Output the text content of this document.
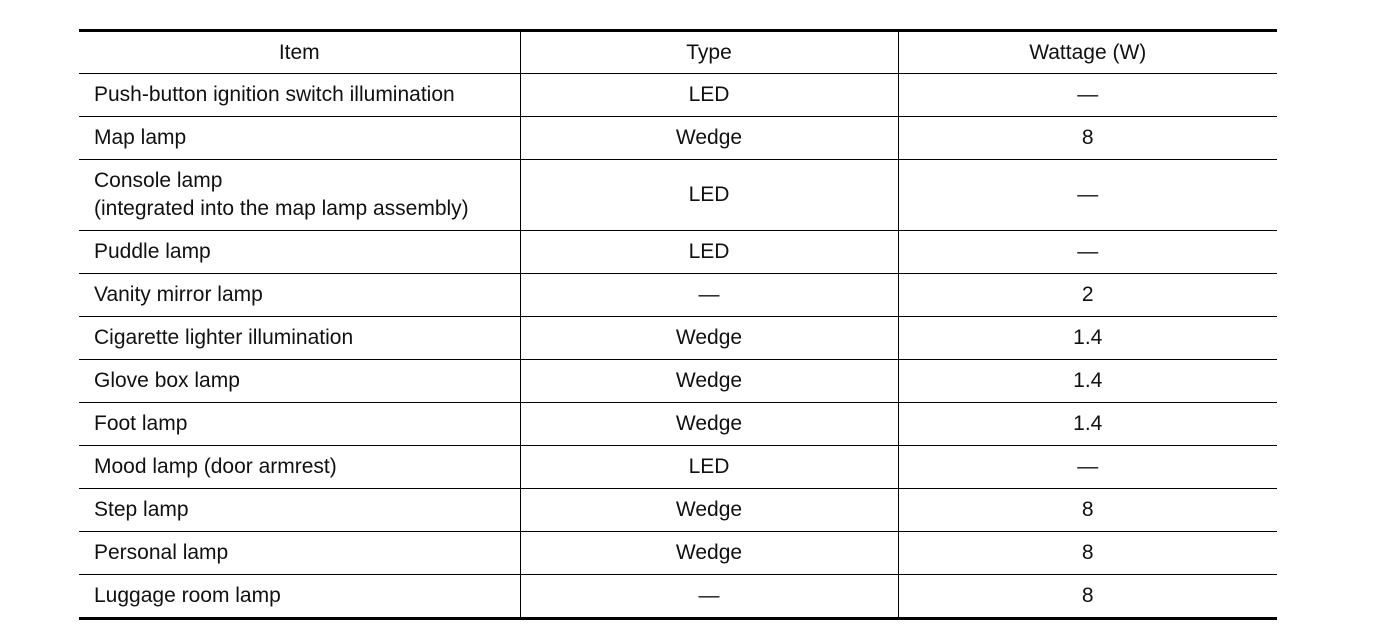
Item	Type	Wattage (W)

Push-button ignition switch illumination	LED	—

Map lamp	Wedge	8

Console lamp
(integrated into the map lamp assembly)	LED	—

Puddle lamp	LED	—

Vanity mirror lamp	—	2

Cigarette lighter illumination	Wedge	1.4

Glove box lamp	Wedge	1.4

Foot lamp	Wedge	1.4

Mood lamp (door armrest)	LED	—

Step lamp	Wedge	8

Personal lamp	Wedge	8

Luggage room lamp	—	8
